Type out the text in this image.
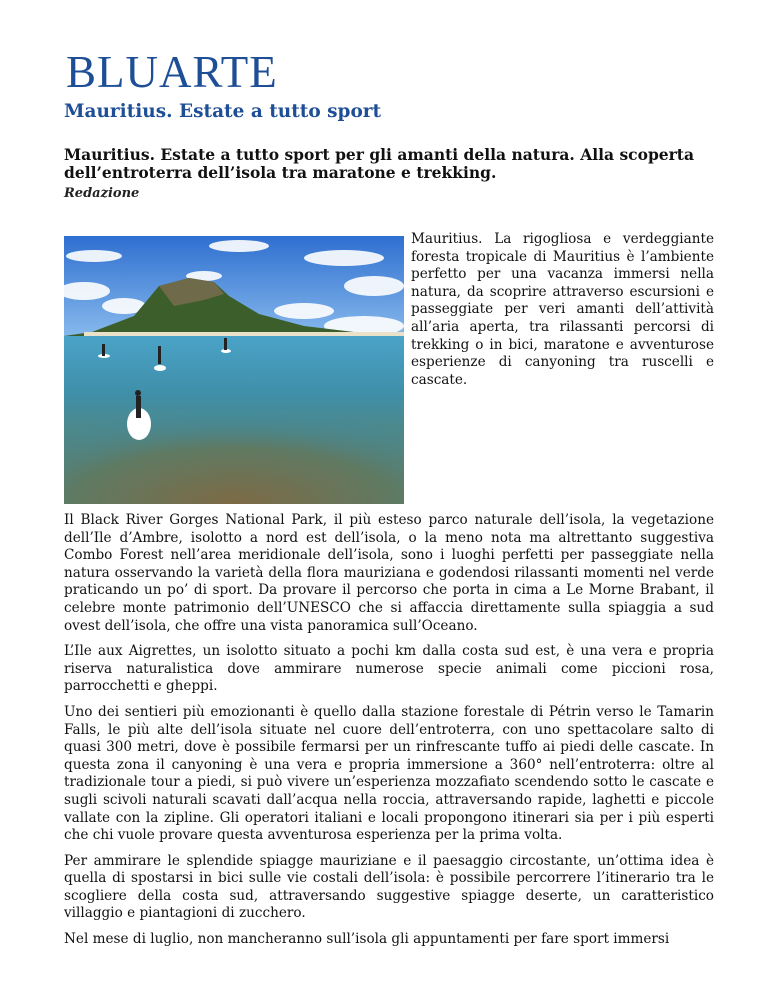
BLUARTE
Mauritius. Estate a tutto sport
Mauritius. Estate a tutto sport per gli amanti della natura. Alla scoperta dell’entroterra dell’isola tra maratone e trekking.
Redazione

Mauritius. La rigogliosa e verdeggiante foresta tropicale di Mauritius è l’ambiente perfetto per una vacanza immersi nella natura, da scoprire attraverso escursioni e passeggiate per veri amanti dell’attività all’aria aperta, tra rilassanti percorsi di trekking o in bici, maratone e avventurose esperienze di canyoning tra ruscelli e cascate.

Il Black River Gorges National Park, il più esteso parco naturale dell’isola, la vegetazione dell’Ile d’Ambre, isolotto a nord est dell’isola, o la meno nota ma altrettanto suggestiva Combo Forest nell’area meridionale dell’isola, sono i luoghi perfetti per passeggiate nella natura osservando la varietà della flora mauriziana e godendosi rilassanti momenti nel verde praticando un po’ di sport. Da provare il percorso che porta in cima a Le Morne Brabant, il celebre monte patrimonio dell’UNESCO che si affaccia direttamente sulla spiaggia a sud ovest dell’isola, che offre una vista panoramica sull’Oceano.

L’Ile aux Aigrettes, un isolotto situato a pochi km dalla costa sud est, è una vera e propria riserva naturalistica dove ammirare numerose specie animali come piccioni rosa, parrocchetti e gheppi.

Uno dei sentieri più emozionanti è quello dalla stazione forestale di Pétrin verso le Tamarin Falls, le più alte dell’isola situate nel cuore dell’entroterra, con uno spettacolare salto di quasi 300 metri, dove è possibile fermarsi per un rinfrescante tuffo ai piedi delle cascate. In questa zona il canyoning è una vera e propria immersione a 360° nell’entroterra: oltre al tradizionale tour a piedi, si può vivere un’esperienza mozzafiato scendendo sotto le cascate e sugli scivoli naturali scavati dall’acqua nella roccia, attraversando rapide, laghetti e piccole vallate con la zipline. Gli operatori italiani e locali propongono itinerari sia per i più esperti che chi vuole provare questa avventurosa esperienza per la prima volta.

Per ammirare le splendide spiagge mauriziane e il paesaggio circostante, un’ottima idea è quella di spostarsi in bici sulle vie costali dell’isola: è possibile percorrere l’itinerario tra le scogliere della costa sud, attraversando suggestive spiagge deserte, un caratteristico villaggio e piantagioni di zucchero.

Nel mese di luglio, non mancheranno sull’isola gli appuntamenti per fare sport immersi
